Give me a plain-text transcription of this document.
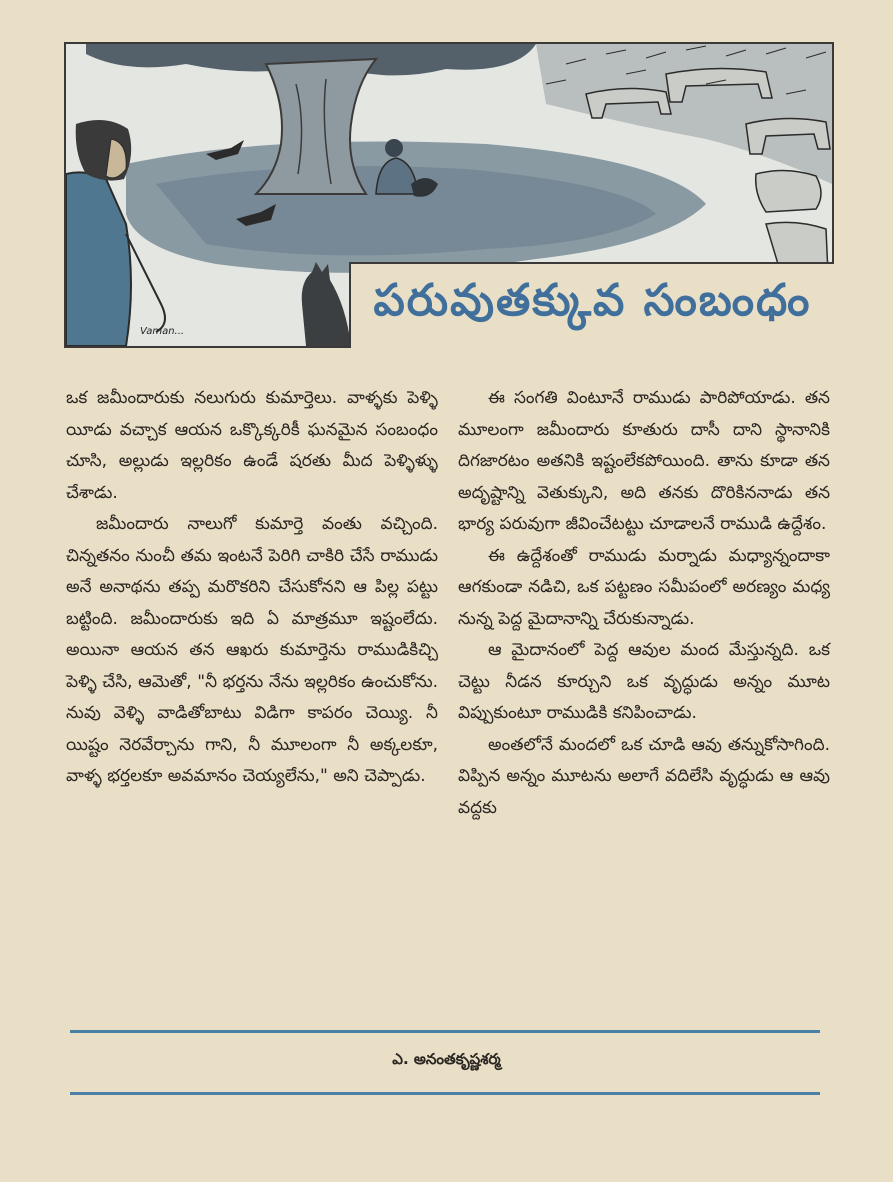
పరువుతక్కువ సంబంధం
Vaman...

ఒక జమీందారుకు నలుగురు కుమార్తెలు. వాళ్ళకు పెళ్ళి యీడు వచ్చాక ఆయన ఒక్కొక్కరికీ ఘనమైన సంబంధం చూసి, అల్లుడు ఇల్లరికం ఉండే షరతు మీద పెళ్ళిళ్ళు చేశాడు.

జమీందారు నాలుగో కుమార్తె వంతు వచ్చింది. చిన్నతనం నుంచీ తమ ఇంటనే పెరిగి చాకిరి చేసే రాముడు అనే అనాథను తప్ప మరొకరిని చేసుకోనని ఆ పిల్ల పట్టు బట్టింది. జమీందారుకు ఇది ఏ మాత్రమూ ఇష్టంలేదు. అయినా ఆయన తన ఆఖరు కుమార్తెను రాముడికిచ్చి పెళ్ళి చేసి, ఆమెతో, "నీ భర్తను నేను ఇల్లరికం ఉంచుకోను. నువు వెళ్ళి వాడితోబాటు విడిగా కాపరం చెయ్యి. నీ యిష్టం నెరవేర్చాను గాని, నీ మూలంగా నీ అక్కలకూ, వాళ్ళ భర్తలకూ అవమానం చెయ్యలేను," అని చెప్పాడు.

ఈ సంగతి వింటూనే రాముడు పారిపోయాడు. తన మూలంగా జమీందారు కూతురు దాసీ దాని స్థానానికి దిగజారటం అతనికి ఇష్టంలేకపోయింది. తాను కూడా తన అదృష్టాన్ని వెతుక్కుని, అది తనకు దొరికిననాడు తన భార్య పరువుగా జీవించేటట్టు చూడాలనే రాముడి ఉద్దేశం.

ఈ ఉద్దేశంతో రాముడు మర్నాడు మధ్యాన్నందాకా ఆగకుండా నడిచి, ఒక పట్టణం సమీపంలో అరణ్యం మధ్య నున్న పెద్ద మైదానాన్ని చేరుకున్నాడు.

ఆ మైదానంలో పెద్ద ఆవుల మంద మేస్తున్నది. ఒక చెట్టు నీడన కూర్చుని ఒక వృద్ధుడు అన్నం మూట విప్పుకుంటూ రాముడికి కనిపించాడు.

అంతలోనే మందలో ఒక చూడి ఆవు తన్నుకోసాగింది. విప్పిన అన్నం మూటను అలాగే వదిలేసి వృద్ధుడు ఆ ఆవు వద్దకు

ఎ. అనంతకృష్ణశర్మ
